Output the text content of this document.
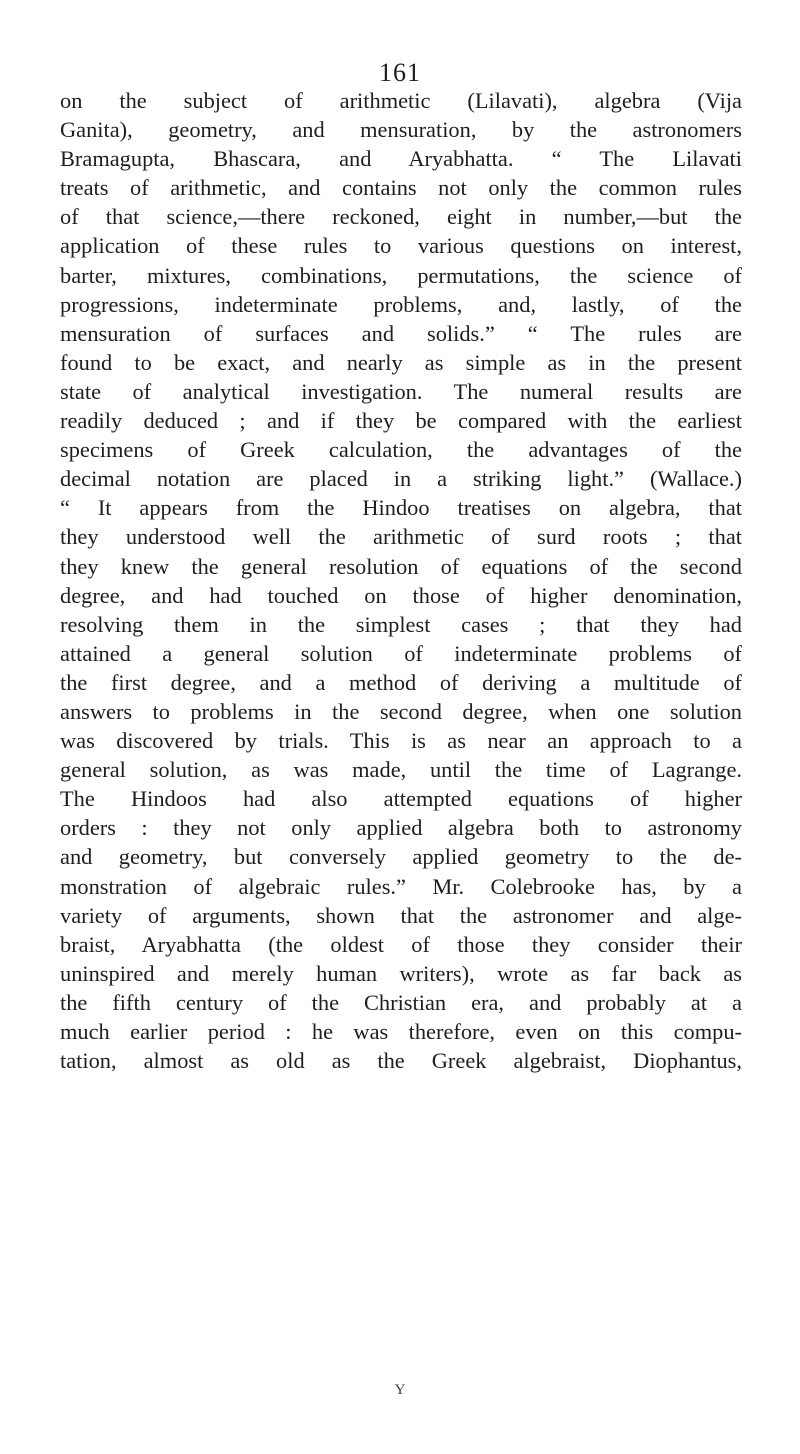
161
on the subject of arithmetic (Lilavati), algebra (Vija
Ganita), geometry, and mensuration, by the astronomers
Bramagupta, Bhascara, and Aryabhatta. “ The Lilavati
treats of arithmetic, and contains not only the common rules
of that science,—there reckoned, eight in number,—but the
application of these rules to various questions on interest,
barter, mixtures, combinations, permutations, the science of
progressions, indeterminate problems, and, lastly, of the
mensuration of surfaces and solids.” “ The rules are
found to be exact, and nearly as simple as in the present
state of analytical investigation. The numeral results are
readily deduced ; and if they be compared with the earliest
specimens of Greek calculation, the advantages of the
decimal notation are placed in a striking light.” (Wallace.)
“ It appears from the Hindoo treatises on algebra, that
they understood well the arithmetic of surd roots ; that
they knew the general resolution of equations of the second
degree, and had touched on those of higher denomination,
resolving them in the simplest cases ; that they had
attained a general solution of indeterminate problems of
the first degree, and a method of deriving a multitude of
answers to problems in the second degree, when one solution
was discovered by trials. This is as near an approach to a
general solution, as was made, until the time of Lagrange.
The Hindoos had also attempted equations of higher
orders : they not only applied algebra both to astronomy
and geometry, but conversely applied geometry to the de-
monstration of algebraic rules.” Mr. Colebrooke has, by a
variety of arguments, shown that the astronomer and alge-
braist, Aryabhatta (the oldest of those they consider their
uninspired and merely human writers), wrote as far back as
the fifth century of the Christian era, and probably at a
much earlier period : he was therefore, even on this compu-
tation, almost as old as the Greek algebraist, Diophantus,
Y
